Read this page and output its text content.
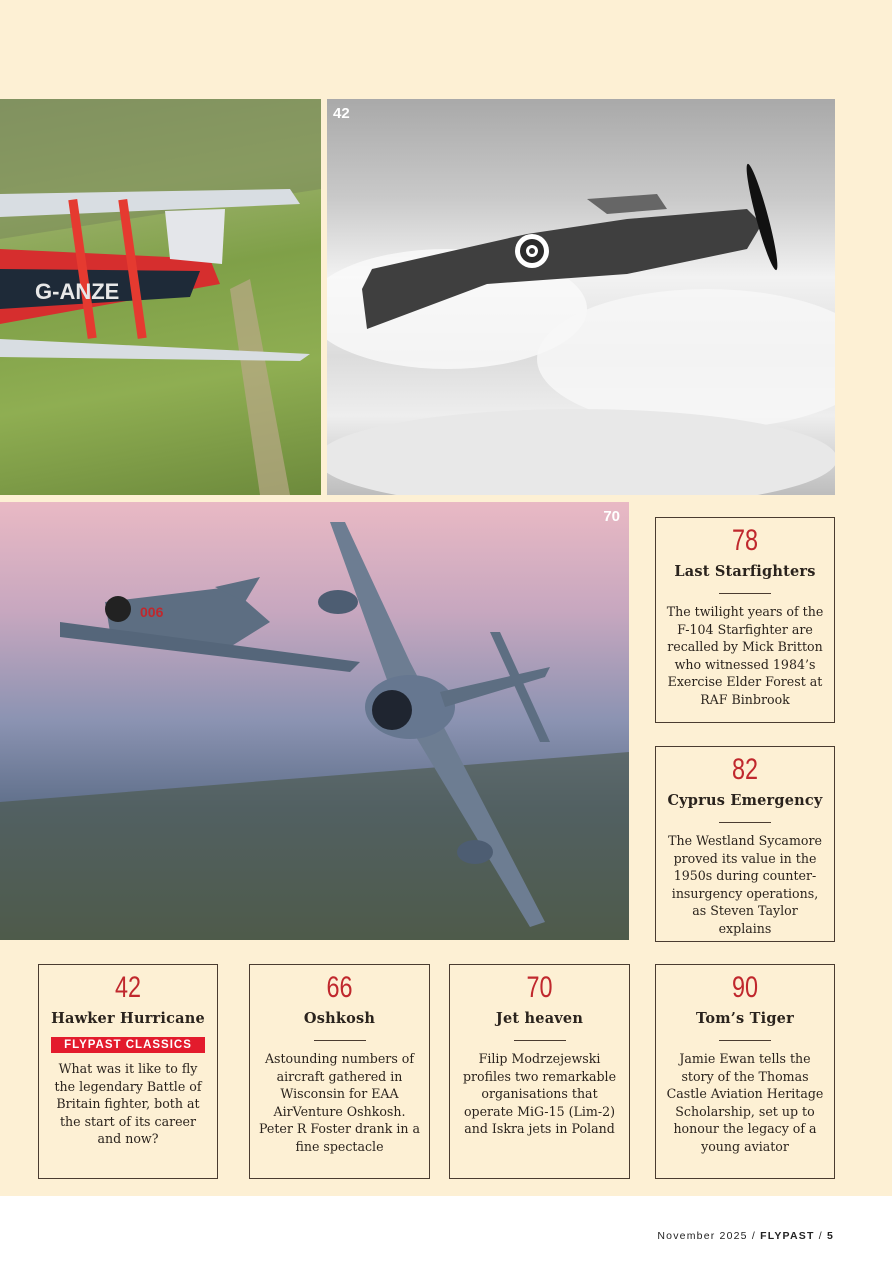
G-ANZE
42
006
70
78
Last Starfighters
The twilight years of the F-104 Starfighter are recalled by Mick Britton who witnessed 1984’s Exercise Elder Forest at RAF Binbrook
82
Cyprus Emergency
The Westland Sycamore proved its value in the 1950s during counter-insurgency operations, as Steven Taylor explains
42
Hawker Hurricane
FLYPAST CLASSICS
What was it like to fly the legendary Battle of Britain fighter, both at the start of its career and now?
66
Oshkosh
Astounding numbers of aircraft gathered in Wisconsin for EAA AirVenture Oshkosh. Peter R Foster drank in a fine spectacle
70
Jet heaven
Filip Modrzejewski profiles two remarkable organisations that operate MiG-15 (Lim-2) and Iskra jets in Poland
90
Tom’s Tiger
Jamie Ewan tells the story of the Thomas Castle Aviation Heritage Scholarship, set up to honour the legacy of a young aviator
November 2025 / FLYPAST / 5
